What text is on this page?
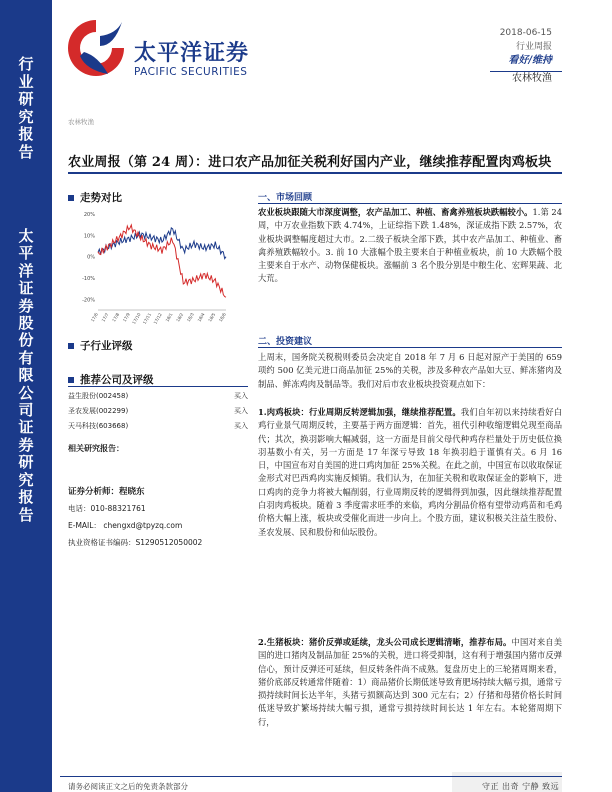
行业研究报告
太平洋证券股份有限公司证券研究报告
太平洋证券
PACIFIC SECURITIES
2018-06-15
行业周报
看好/维持
农林牧渔
农林牧渔
农业周报（第 24 周）：进口农产品加征关税利好国内产业，继续推荐配置肉鸡板块
走势对比
20%
10%
0%
-10%
-20%
17/6 17/7 17/8 17/9 17/10 17/11 17/12 18/1 18/2 18/3 18/4 18/5 18/6
子行业评级
推荐公司及评级
益生股份(002458)	买入
圣农发展(002299)	买入
天马科技(603668)	买入
相关研究报告：
证券分析师：程晓东
电话：010-88321761
E-MAIL： chengxd@tpyzq.com
执业资格证书编码：S1290512050002
一、市场回顾
农业板块跟随大市深度调整，农产品加工、种植、畜禽养殖板块跌幅较小。1.第 24 周，中万农业指数下跌 4.74%，上证综指下跌 1.48%，深证成指下跌 2.57%，农业板块调整幅度超过大市。2.二级子板块全部下跌，其中农产品加工、种植业、畜禽养殖跌幅较小。3. 前 10 大涨幅个股主要来自于种植业板块，前 10 大跌幅个股主要来自于水产、动物保健板块。涨幅前 3 名个股分别是中粮生化、宏辉果蔬、北大荒。
二、投资建议
上周末，国务院关税税则委员会决定自 2018 年 7 月 6 日起对原产于美国的 659 项约 500 亿美元进口商品加征 25%的关税，涉及多种农产品如大豆、鲜冻猪肉及制品、鲜冻鸡肉及制品等。我们对后市农业板块投资观点如下：
1.肉鸡板块：行业周期反转逻辑加强，继续推荐配置。我们自年初以来持续看好白鸡行业景气周期反转，主要基于两方面逻辑：首先，祖代引种收缩逻辑兑现至商品代；其次，换羽影响大幅减弱，这一方面是目前父母代种鸡存栏量处于历史低位换羽基数小有关，另一方面是 17 年深亏导致 18 年换羽趋于谨慎有关。6 月 16 日，中国宣布对自美国的进口鸡肉加征 25%关税。在此之前，中国宣布以收取保证金形式对巴西鸡肉实施反倾销。我们认为，在加征关税和收取保证金的影响下，进口鸡肉的竞争力将被大幅削弱，行业周期反转的逻辑得到加强，因此继续推荐配置白羽肉鸡板块。随着 3 季度需求旺季的来临，鸡肉分割品价格有望带动鸡苗和毛鸡价格大幅上涨，板块或受催化而进一步向上。个股方面，建议积极关注益生股份、圣农发展、民和股份和仙坛股份。
2.生猪板块：猪价反弹或延续，龙头公司成长逻辑清晰，推荐布局。中国对来自美国的进口猪肉及制品加征 25%的关税，进口将受抑制，这有利于增强国内猪市反弹信心，预计反弹还可延续，但反转条件尚不成熟。复盘历史上的三轮猪周期来看，猪价底部反转通常伴随着：1）商品猪价长期低迷导致育肥场持续大幅亏损，通常亏损持续时间长达半年，头猪亏损额高达到 300 元左右；2）仔猪和母猪价格长时间低迷导致扩繁场持续大幅亏损，通常亏损持续时间长达 1 年左右。本轮猪周期下行，
请务必阅读正文之后的免责条款部分	守正 出奇 宁静 致远
